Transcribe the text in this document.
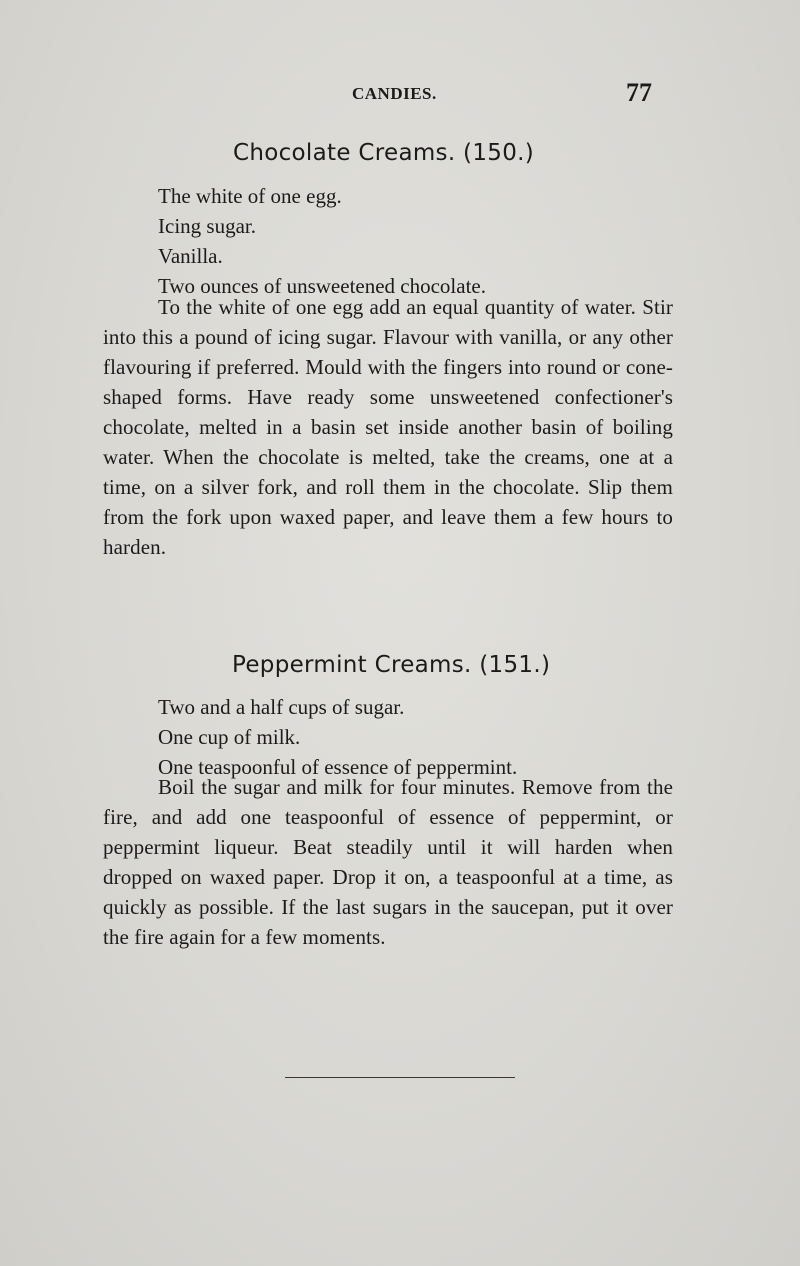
CANDIES.	77
Chocolate Creams. (150.)
The white of one egg.
Icing sugar.
Vanilla.
Two ounces of unsweetened chocolate.

To the white of one egg add an equal quantity of water. Stir into this a pound of icing sugar. Flavour with vanilla, or any other flavouring if preferred. Mould with the fingers into round or cone-shaped forms. Have ready some unsweetened confectioner's chocolate, melted in a basin set inside another basin of boiling water. When the chocolate is melted, take the creams, one at a time, on a silver fork, and roll them in the chocolate. Slip them from the fork upon waxed paper, and leave them a few hours to harden.

Peppermint Creams. (151.)
Two and a half cups of sugar.
One cup of milk.
One teaspoonful of essence of peppermint.

Boil the sugar and milk for four minutes. Remove from the fire, and add one teaspoonful of essence of peppermint, or peppermint liqueur. Beat steadily until it will harden when dropped on waxed paper. Drop it on, a teaspoonful at a time, as quickly as possible. If the last sugars in the saucepan, put it over the fire again for a few moments.
